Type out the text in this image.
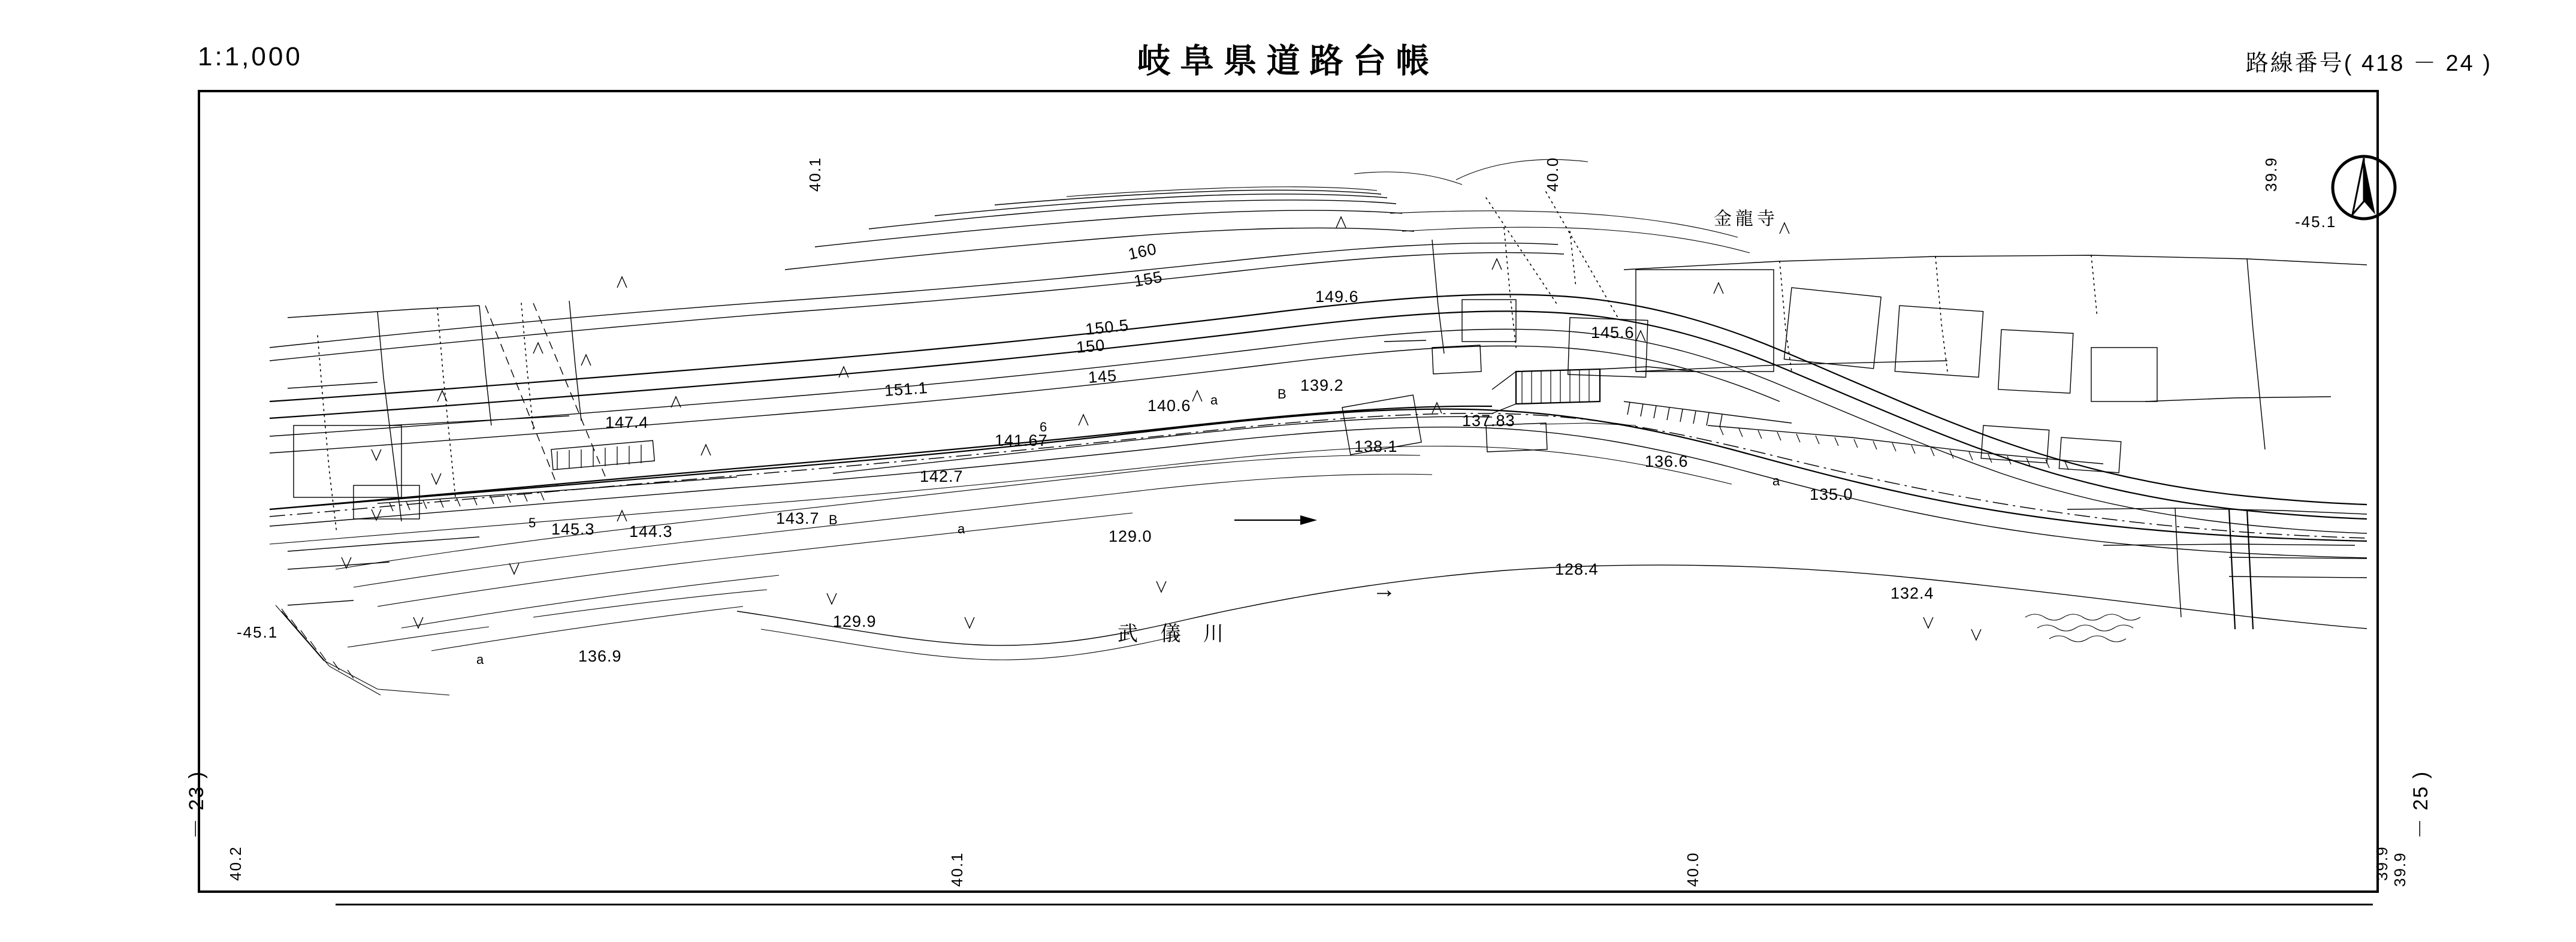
1:1,000	岐阜県道路台帳	路線番号( 418 － 24 )
－ 23 )	－ 25 )
40.2	39.9
-45.1
-45.1
40.1	40.0	39.9
40.1	40.0	39.9
160
155
150.5
150
145
151.1
149.6
147.4
145.6
141.67
140.6
139.2
138.1
137.83
136.6
135.0
142.7
143.7
145.3 144.3	129.0
128.4
132.4
129.9
136.9
a
a
a
a
B
B
6
5
金龍寺
武 儀 川
→
